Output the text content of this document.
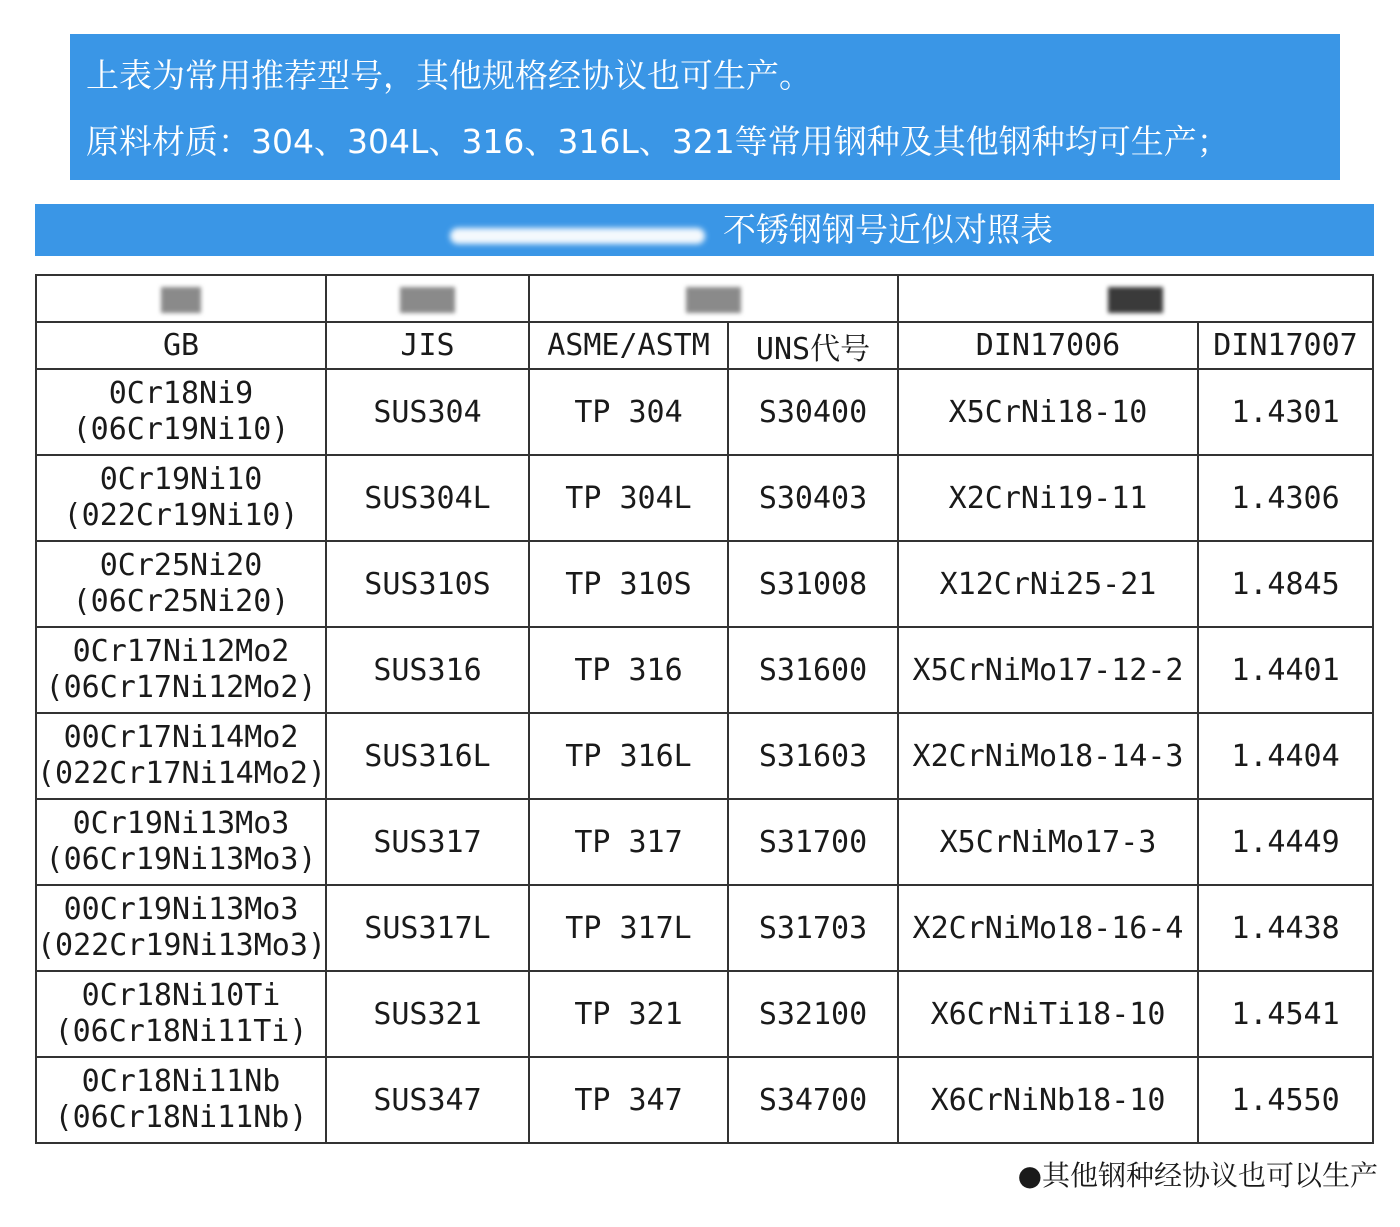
上表为常用推荐型号，其他规格经协议也可生产。
原料材质：304、304L、316、316L、321等常用钢种及其他钢种均可生产；
不锈钢钢号近似对照表

GB	JIS	ASME/ASTM	UNS代号	DIN17006	DIN17007

0Cr18Ni9
(06Cr19Ni10)	SUS304	TP 304	S30400	X5CrNi18-10	1.4301

0Cr19Ni10
(022Cr19Ni10)	SUS304L	TP 304L	S30403	X2CrNi19-11	1.4306

0Cr25Ni20
(06Cr25Ni20)	SUS310S	TP 310S	S31008	X12CrNi25-21	1.4845

0Cr17Ni12Mo2
(06Cr17Ni12Mo2)	SUS316	TP 316	S31600	X5CrNiMo17-12-2	1.4401

00Cr17Ni14Mo2
(022Cr17Ni14Mo2)	SUS316L	TP 316L	S31603	X2CrNiMo18-14-3	1.4404

0Cr19Ni13Mo3
(06Cr19Ni13Mo3)	SUS317	TP 317	S31700	X5CrNiMo17-3	1.4449

00Cr19Ni13Mo3
(022Cr19Ni13Mo3)	SUS317L	TP 317L	S31703	X2CrNiMo18-16-4	1.4438

0Cr18Ni10Ti
(06Cr18Ni11Ti)	SUS321	TP 321	S32100	X6CrNiTi18-10	1.4541

0Cr18Ni11Nb
(06Cr18Ni11Nb)	SUS347	TP 347	S34700	X6CrNiNb18-10	1.4550
●其他钢种经协议也可以生产
